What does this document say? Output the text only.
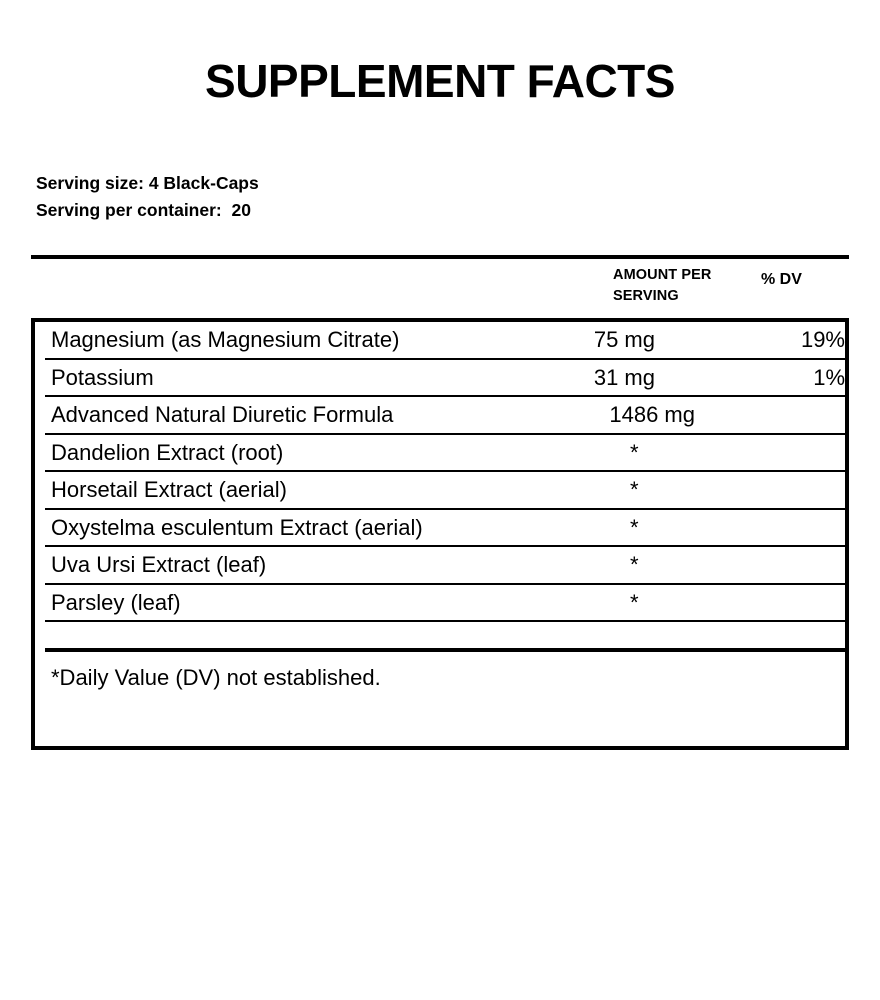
SUPPLEMENT FACTS
Serving size: 4 Black-Caps
Serving per container:  20
AMOUNT PER
SERVING
% DV
Magnesium (as Magnesium Citrate)	75 mg	19%
Potassium	31 mg	1%
Advanced Natural Diuretic Formula	1486 mg
Dandelion Extract (root)	*
Horsetail Extract (aerial)	*
Oxystelma esculentum Extract (aerial)	*
Uva Ursi Extract (leaf)	*
Parsley (leaf)	*
*Daily Value (DV) not established.
